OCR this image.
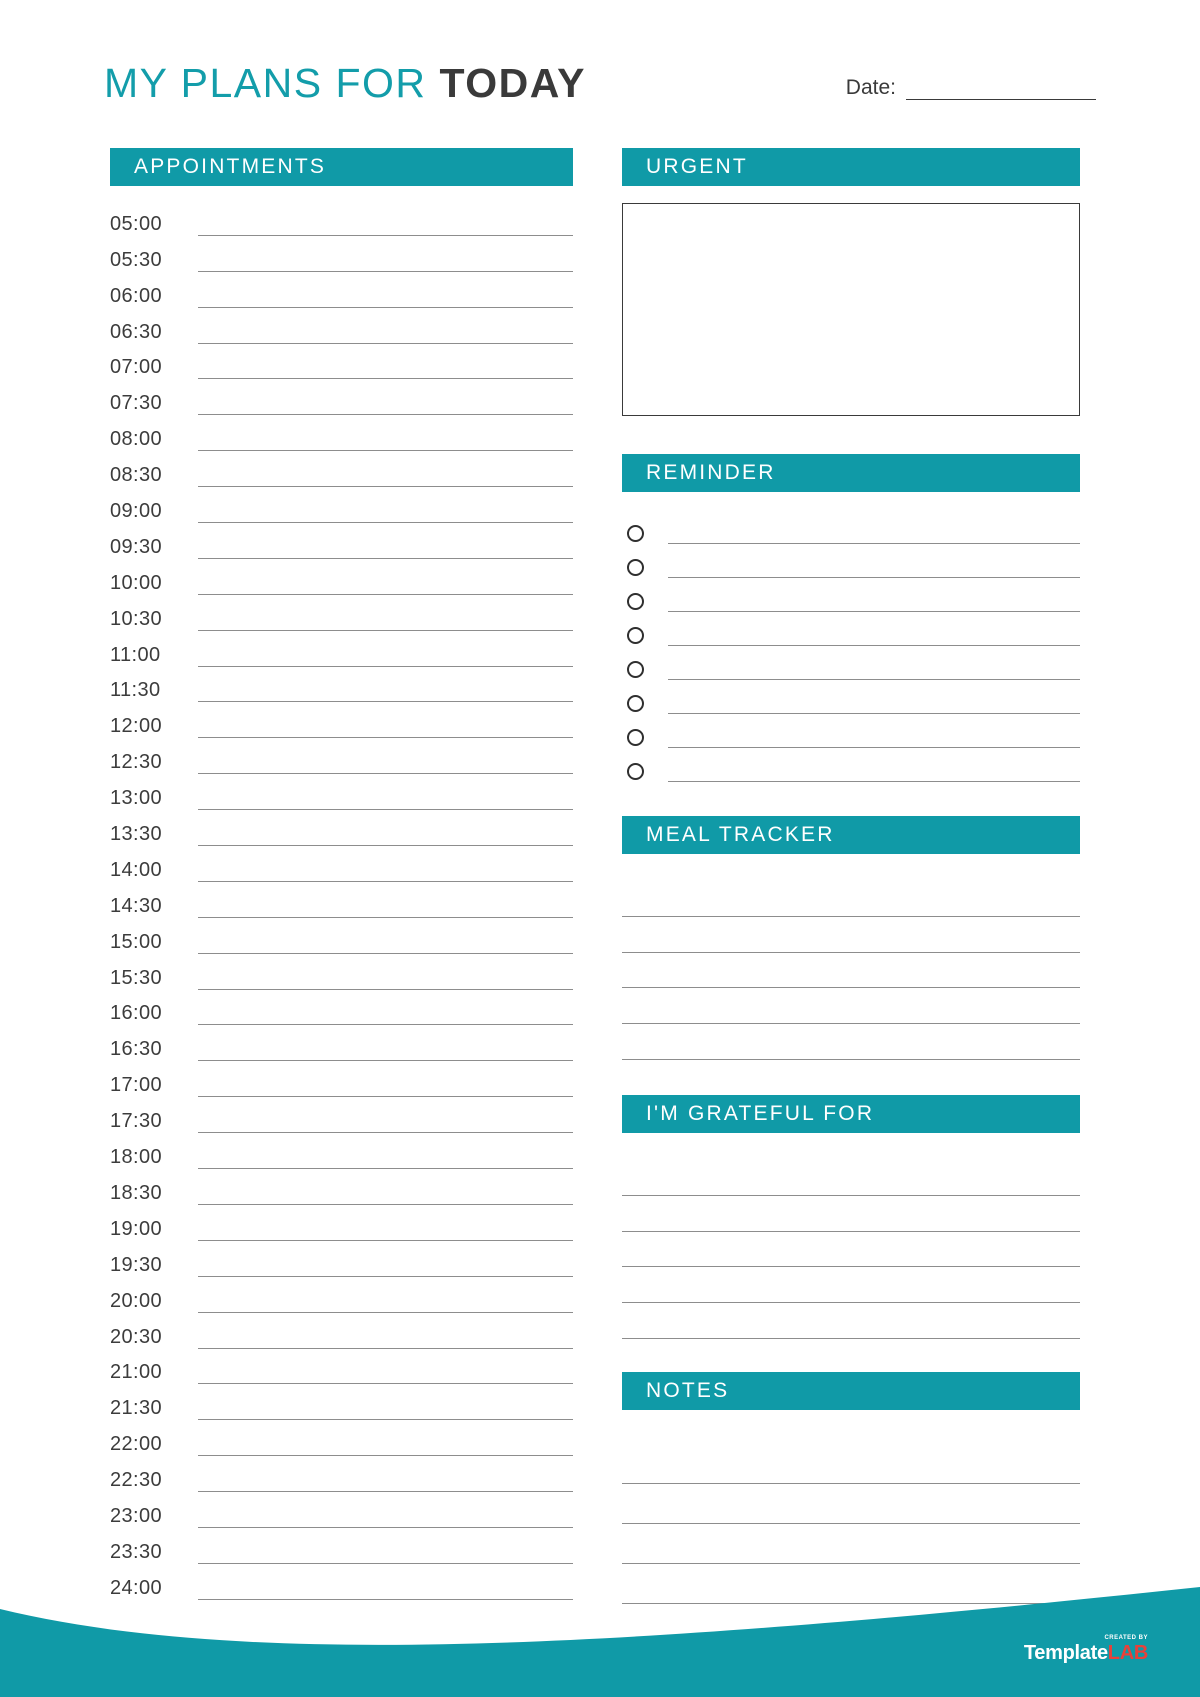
MY PLANS FOR TODAY	Date:
APPOINTMENTS
05:00
05:30
06:00
06:30
07:00
07:30
08:00
08:30
09:00
09:30
10:00
10:30
11:00
11:30
12:00
12:30
13:00
13:30
14:00
14:30
15:00
15:30
16:00
16:30
17:00
17:30
18:00
18:30
19:00
19:30
20:00
20:30
21:00
21:30
22:00
22:30
23:00
23:30
24:00
URGENT
REMINDER
MEAL TRACKER
I'M GRATEFUL FOR
NOTES
CREATED BY
TemplateLAB
